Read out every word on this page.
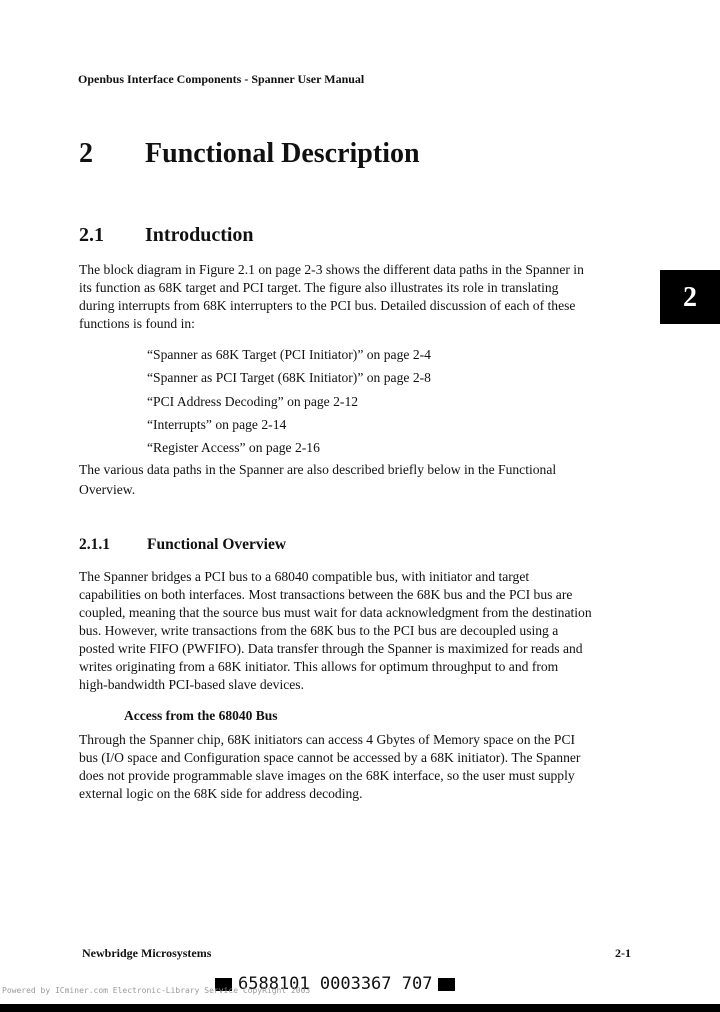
Openbus Interface Components - Spanner User Manual
2 Functional Description
2
2.1 Introduction
The block diagram in Figure 2.1 on page 2-3 shows the different data paths in the Spanner in
its function as 68K target and PCI target. The figure also illustrates its role in translating
during interrupts from 68K interrupters to the PCI bus. Detailed discussion of each of these
functions is found in:
“Spanner as 68K Target (PCI Initiator)” on page 2-4
“Spanner as PCI Target (68K Initiator)” on page 2-8
“PCI Address Decoding” on page 2-12
“Interrupts” on page 2-14
“Register Access” on page 2-16
The various data paths in the Spanner are also described briefly below in the Functional
Overview.
2.1.1 Functional Overview
The Spanner bridges a PCI bus to a 68040 compatible bus, with initiator and target
capabilities on both interfaces. Most transactions between the 68K bus and the PCI bus are
coupled, meaning that the source bus must wait for data acknowledgment from the destination
bus. However, write transactions from the 68K bus to the PCI bus are decoupled using a
posted write FIFO (PWFIFO). Data transfer through the Spanner is maximized for reads and
writes originating from a 68K initiator. This allows for optimum throughput to and from
high-bandwidth PCI-based slave devices.
Access from the 68040 Bus
Through the Spanner chip, 68K initiators can access 4 Gbytes of Memory space on the PCI
bus (I/O space and Configuration space cannot be accessed by a 68K initiator). The Spanner
does not provide programmable slave images on the 68K interface, so the user must supply
external logic on the 68K side for address decoding.
Newbridge Microsystems	2-1
6588101 0003367 707
Powered by ICminer.com Electronic-Library Service CopyRight 2003
